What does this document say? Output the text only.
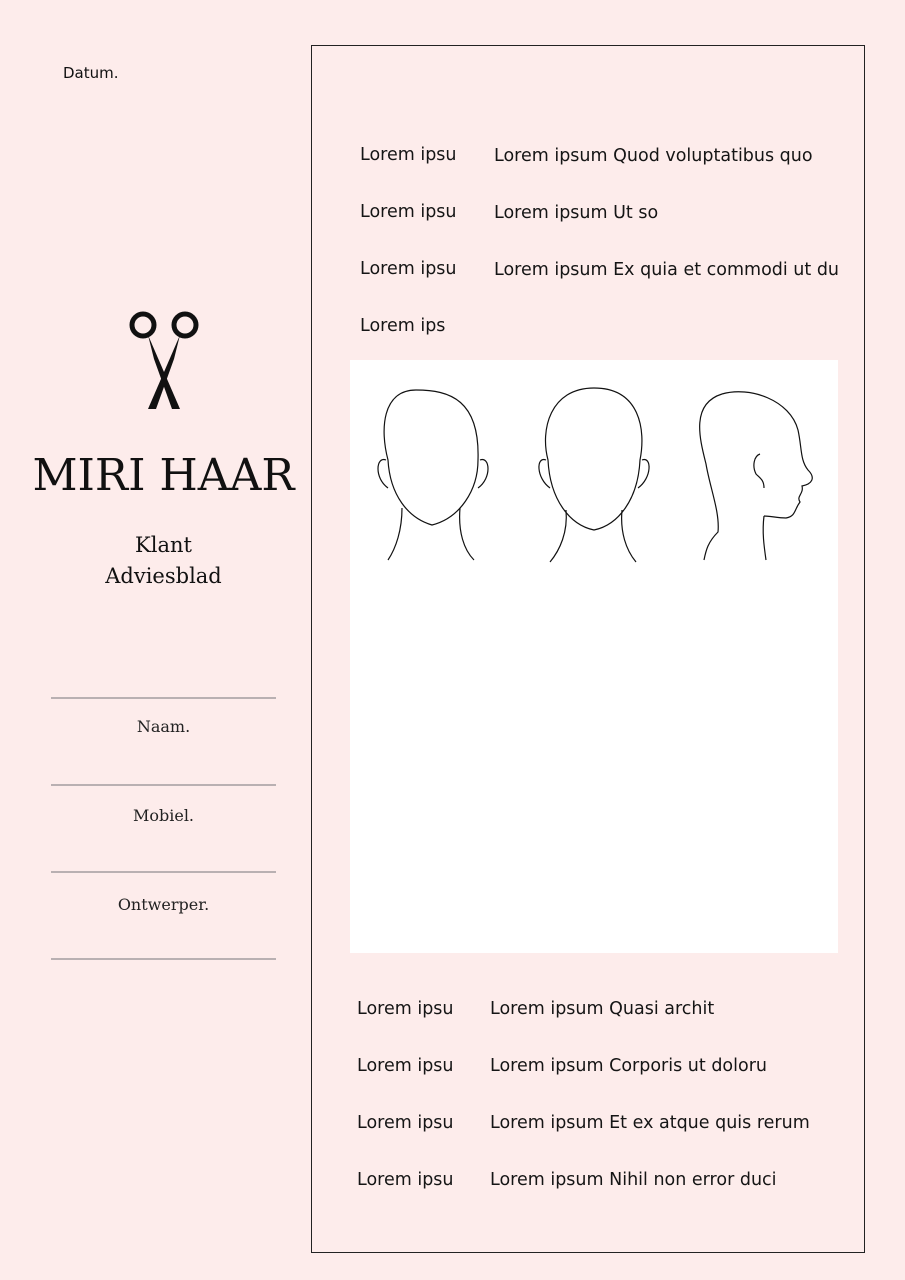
Datum.
MIRI HAAR
Klant
Adviesblad
Naam.
Mobiel.
Ontwerper.
Lorem ipsu Lorem ipsum Quod voluptatibus quo
Lorem ipsu Lorem ipsum Ut so
Lorem ipsu Lorem ipsum Ex quia et commodi ut du
Lorem ips
Lorem ipsu Lorem ipsum Quasi archit
Lorem ipsu Lorem ipsum Corporis ut doloru
Lorem ipsu Lorem ipsum Et ex atque quis rerum
Lorem ipsu Lorem ipsum Nihil non error duci
